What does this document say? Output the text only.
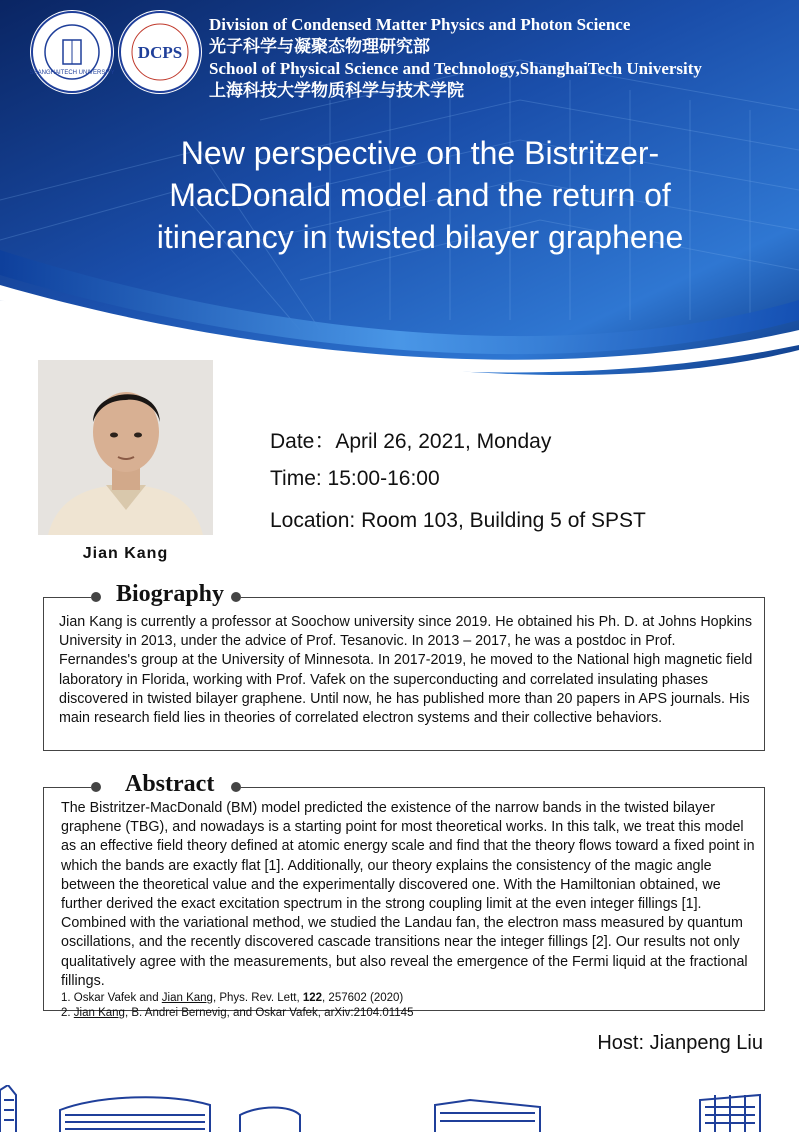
SHANGHAITECH UNIVERSITY
DCPS
Division of Condensed Matter Physics and Photon Science
光子科学与凝聚态物理研究部
School of Physical Science and Technology,ShanghaiTech University
上海科技大学物质科学与技术学院
New perspective on the Bistritzer-MacDonald model and the return of itinerancy in twisted bilayer graphene
Jian Kang
Date：April 26, 2021, Monday
Time: 15:00-16:00
Location: Room 103, Building 5 of SPST
Biography
Jian Kang is currently a professor at Soochow university since 2019. He obtained his Ph. D. at Johns Hopkins University in 2013, under the advice of Prof. Tesanovic. In 2013 – 2017, he was a postdoc in Prof. Fernandes's group at the University of Minnesota. In 2017-2019, he moved to the National high magnetic field laboratory in Florida, working with Prof. Vafek on the superconducting and correlated insulating phases discovered in twisted bilayer graphene. Until now, he has published more than 20 papers in APS journals. His main research field lies in theories of correlated electron systems and their collective behaviors.
Abstract
The Bistritzer-MacDonald (BM) model predicted the existence of the narrow bands in the twisted bilayer graphene (TBG), and nowadays is a starting point for most theoretical works. In this talk, we treat this model as an effective field theory defined at atomic energy scale and find that the theory flows toward a fixed point in which the bands are exactly flat [1]. Additionally, our theory explains the consistency of the magic angle between the theoretical value and the experimentally discovered one. With the Hamiltonian obtained, we further derived the exact excitation spectrum in the strong coupling limit at the even integer fillings [1]. Combined with the variational method, we studied the Landau fan, the electron mass measured by quantum oscillations, and the recently discovered cascade transitions near the integer fillings [2]. Our results not only qualitatively agree with the measurements, but also reveal the emergence of the Fermi liquid at the fractional fillings.
1. Oskar Vafek and Jian Kang, Phys. Rev. Lett, 122, 257602 (2020)
2. Jian Kang, B. Andrei Bernevig, and Oskar Vafek, arXiv:2104.01145
Host: Jianpeng Liu
